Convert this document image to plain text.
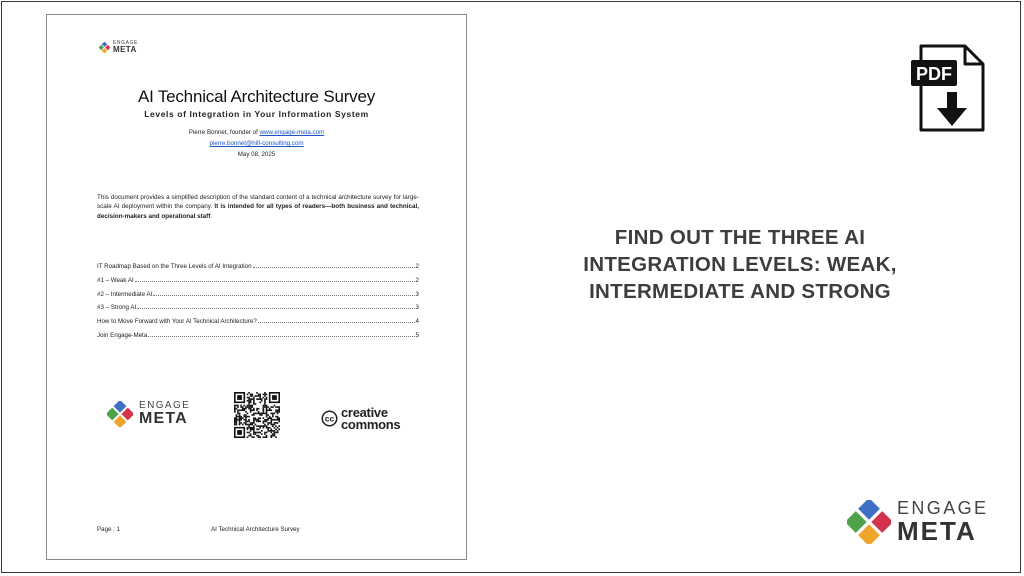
ENGAGE
META
AI Technical Architecture Survey
Levels of Integration in Your Information System
Pierre Bonnet, founder of www.engage-meta.com
pierre.bonnet@hifi-consulting.com
May 08, 2025
This document provides a simplified description of the standard content of a technical architecture survey for large-scale AI deployment within the company. It is intended for all types of readers—both business and technical, decision-makers and operational staff.
IT Roadmap Based on the Three Levels of AI Integration	2
#1 – Weak AI	2
#2 – Intermediate AI	3
#3 – Strong AI	3
How to Move Forward with Your AI Technical Architecture?	4
Join Engage-Meta	5
ENGAGE
META	cc creative
commons
Page : 1	AI Technical Architecture Survey
PDF
FIND OUT THE THREE AI
INTEGRATION LEVELS: WEAK,
INTERMEDIATE AND STRONG
ENGAGE
META
